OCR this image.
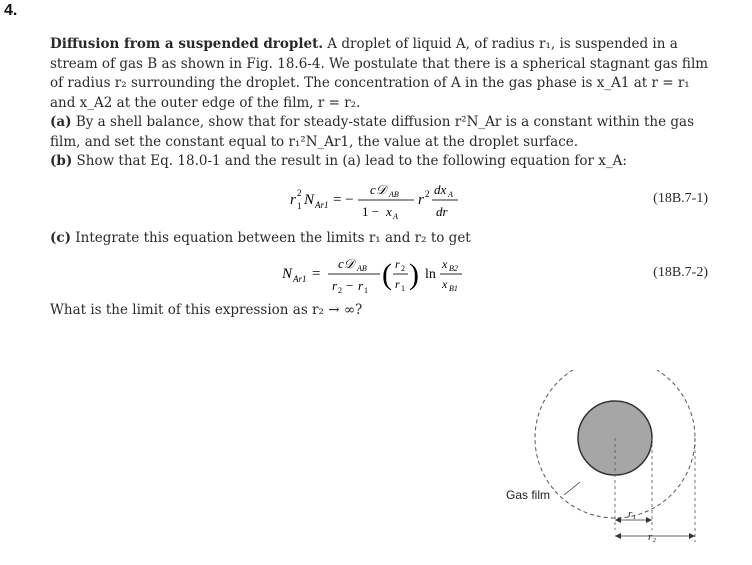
4.
Diffusion from a suspended droplet. A droplet of liquid A, of radius r₁, is suspended in a stream of gas B as shown in Fig. 18.6-4. We postulate that there is a spherical stagnant gas film of radius r₂ surrounding the droplet. The concentration of A in the gas phase is x_A1 at r = r₁ and x_A2 at the outer edge of the film, r = r₂.
(a) By a shell balance, show that for steady-state diffusion r²N_Ar is a constant within the gas film, and set the constant equal to r₁²N_Ar1, the value at the droplet surface.
(b) Show that Eq. 18.0-1 and the result in (a) lead to the following equation for x_A:
r 2
1 N Ar1 = −
c𝒟 AB
1 − x A
r 2 dx A
dr
(18B.7-1)
(c) Integrate this equation between the limits r₁ and r₂ to get
N Ar1 =
c𝒟 AB
r 2 − r 1 ( r 2
r 1 ) ln
x B2
x B1
(18B.7-2)
What is the limit of this expression as r₂ → ∞?
r₁
r₂
Gas film
